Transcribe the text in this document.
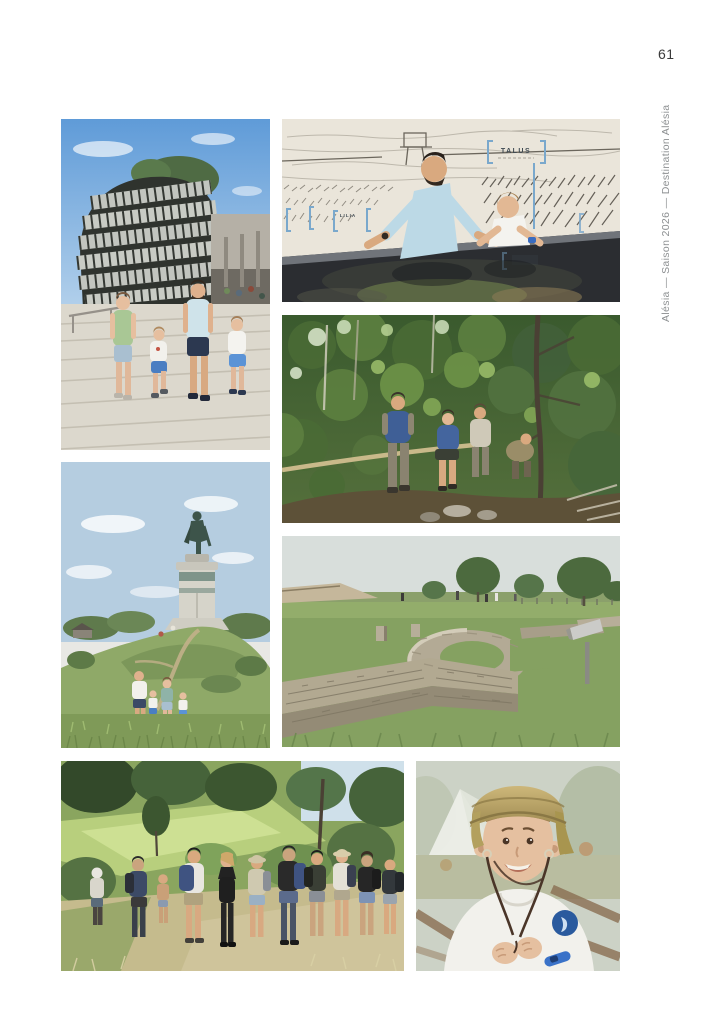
61
Alésia — Saison 2026 — Destination Alésia
TALUS
LILIA
